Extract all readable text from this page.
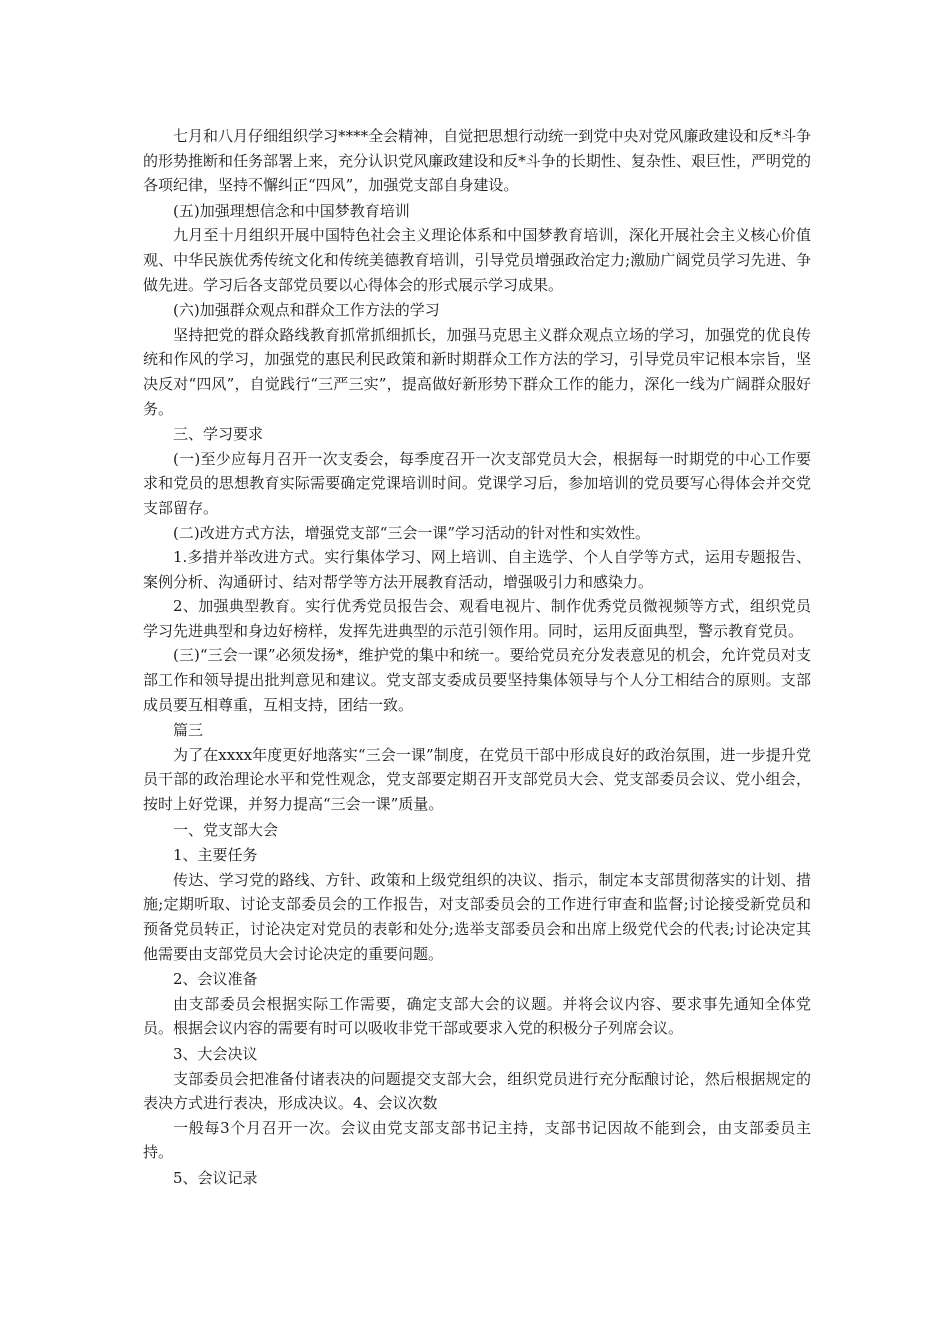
七月和八月仔细组织学习****全会精神，自觉把思想行动统一到党中央对党风廉政建设和反*斗争的形势推断和任务部署上来，充分认识党风廉政建设和反*斗争的长期性、复杂性、艰巨性，严明党的各项纪律，坚持不懈纠正“四风”，加强党支部自身建设。

(五)加强理想信念和中国梦教育培训

九月至十月组织开展中国特色社会主义理论体系和中国梦教育培训，深化开展社会主义核心价值观、中华民族优秀传统文化和传统美德教育培训，引导党员增强政治定力;激励广阔党员学习先进、争做先进。学习后各支部党员要以心得体会的形式展示学习成果。

(六)加强群众观点和群众工作方法的学习

坚持把党的群众路线教育抓常抓细抓长，加强马克思主义群众观点立场的学习，加强党的优良传统和作风的学习，加强党的惠民利民政策和新时期群众工作方法的学习，引导党员牢记根本宗旨，坚决反对“四风”，自觉践行“三严三实”，提高做好新形势下群众工作的能力，深化一线为广阔群众服好务。

三、学习要求

(一)至少应每月召开一次支委会，每季度召开一次支部党员大会，根据每一时期党的中心工作要求和党员的思想教育实际需要确定党课培训时间。党课学习后，参加培训的党员要写心得体会并交党支部留存。

(二)改进方式方法，增强党支部“三会一课”学习活动的针对性和实效性。

1.多措并举改进方式。实行集体学习、网上培训、自主选学、个人自学等方式，运用专题报告、案例分析、沟通研讨、结对帮学等方法开展教育活动，增强吸引力和感染力。

2、加强典型教育。实行优秀党员报告会、观看电视片、制作优秀党员微视频等方式，组织党员学习先进典型和身边好榜样，发挥先进典型的示范引领作用。同时，运用反面典型，警示教育党员。

(三)“三会一课”必须发扬*，维护党的集中和统一。要给党员充分发表意见的机会，允许党员对支部工作和领导提出批判意见和建议。党支部支委成员要坚持集体领导与个人分工相结合的原则。支部成员要互相尊重，互相支持，团结一致。

篇三

为了在xxxx年度更好地落实“三会一课”制度，在党员干部中形成良好的政治氛围，进一步提升党员干部的政治理论水平和党性观念，党支部要定期召开支部党员大会、党支部委员会议、党小组会，按时上好党课，并努力提高“三会一课”质量。

一、党支部大会

1、主要任务

传达、学习党的路线、方针、政策和上级党组织的决议、指示，制定本支部贯彻落实的计划、措施;定期听取、讨论支部委员会的工作报告，对支部委员会的工作进行审查和监督;讨论接受新党员和预备党员转正，讨论决定对党员的表彰和处分;选举支部委员会和出席上级党代会的代表;讨论决定其他需要由支部党员大会讨论决定的重要问题。

2、会议准备

由支部委员会根据实际工作需要，确定支部大会的议题。并将会议内容、要求事先通知全体党员。根据会议内容的需要有时可以吸收非党干部或要求入党的积极分子列席会议。

3、大会决议

支部委员会把准备付诸表决的问题提交支部大会，组织党员进行充分酝酿讨论，然后根据规定的表决方式进行表决，形成决议。4、会议次数

一般每3个月召开一次。会议由党支部支部书记主持，支部书记因故不能到会，由支部委员主持。

5、会议记录
